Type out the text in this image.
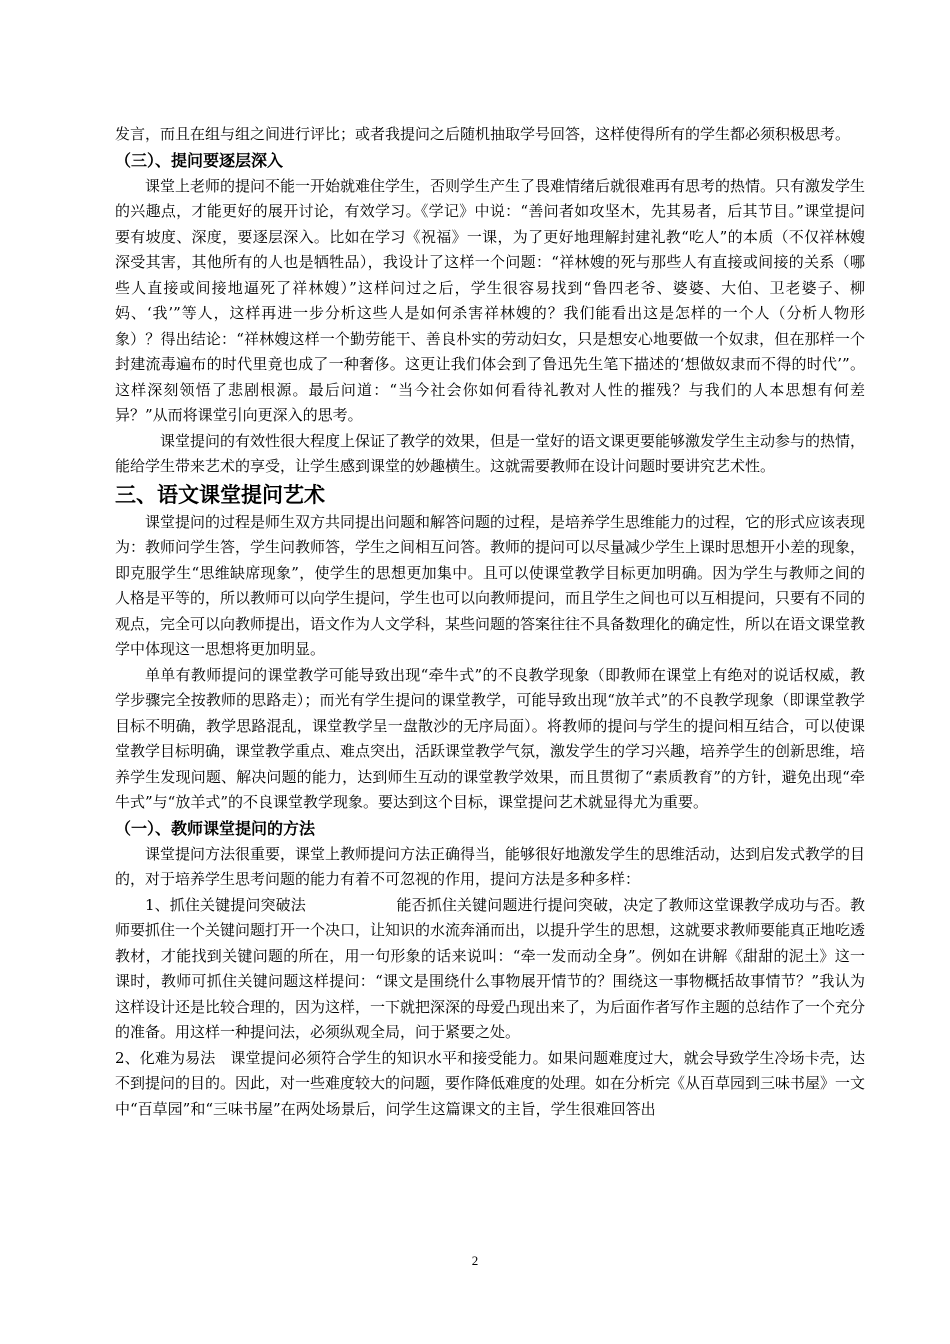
发言，而且在组与组之间进行评比；或者我提问之后随机抽取学号回答，这样使得所有的学生都必须积极思考。

（三）、提问要逐层深入

课堂上老师的提问不能一开始就难住学生，否则学生产生了畏难情绪后就很难再有思考的热情。只有激发学生的兴趣点，才能更好的展开讨论，有效学习。《学记》中说：“善问者如攻坚木，先其易者，后其节目。”课堂提问要有坡度、深度，要逐层深入。比如在学习《祝福》一课，为了更好地理解封建礼教“吃人”的本质（不仅祥林嫂深受其害，其他所有的人也是牺牲品），我设计了这样一个问题：“祥林嫂的死与那些人有直接或间接的关系（哪些人直接或间接地逼死了祥林嫂）”这样问过之后，学生很容易找到“鲁四老爷、婆婆、大伯、卫老婆子、柳妈、‘我’”等人，这样再进一步分析这些人是如何杀害祥林嫂的？我们能看出这是怎样的一个人（分析人物形象）？得出结论：“祥林嫂这样一个勤劳能干、善良朴实的劳动妇女，只是想安心地要做一个奴隶，但在那样一个封建流毒遍布的时代里竟也成了一种奢侈。这更让我们体会到了鲁迅先生笔下描述的‘想做奴隶而不得的时代’”。这样深刻领悟了悲剧根源。最后问道：“当今社会你如何看待礼教对人性的摧残？与我们的人本思想有何差异？”从而将课堂引向更深入的思考。

课堂提问的有效性很大程度上保证了教学的效果，但是一堂好的语文课更要能够激发学生主动参与的热情，能给学生带来艺术的享受，让学生感到课堂的妙趣横生。这就需要教师在设计问题时要讲究艺术性。

三、语文课堂提问艺术

课堂提问的过程是师生双方共同提出问题和解答问题的过程，是培养学生思维能力的过程，它的形式应该表现为：教师问学生答，学生问教师答，学生之间相互问答。教师的提问可以尽量减少学生上课时思想开小差的现象，即克服学生“思维缺席现象”，使学生的思想更加集中。且可以使课堂教学目标更加明确。因为学生与教师之间的人格是平等的，所以教师可以向学生提问，学生也可以向教师提问，而且学生之间也可以互相提问，只要有不同的观点，完全可以向教师提出，语文作为人文学科，某些问题的答案往往不具备数理化的确定性，所以在语文课堂教学中体现这一思想将更加明显。

单单有教师提问的课堂教学可能导致出现“牵牛式”的不良教学现象（即教师在课堂上有绝对的说话权威，教学步骤完全按教师的思路走）；而光有学生提问的课堂教学，可能导致出现“放羊式”的不良教学现象（即课堂教学目标不明确，教学思路混乱，课堂教学呈一盘散沙的无序局面）。将教师的提问与学生的提问相互结合，可以使课堂教学目标明确，课堂教学重点、难点突出，活跃课堂教学气氛，激发学生的学习兴趣，培养学生的创新思维，培养学生发现问题、解决问题的能力，达到师生互动的课堂教学效果，而且贯彻了“素质教育”的方针，避免出现“牵牛式”与“放羊式”的不良课堂教学现象。要达到这个目标，课堂提问艺术就显得尤为重要。

（一）、教师课堂提问的方法

课堂提问方法很重要，课堂上教师提问方法正确得当，能够很好地激发学生的思维活动，达到启发式教学的目的，对于培养学生思考问题的能力有着不可忽视的作用，提问方法是多种多样：

1、抓住关键提问突破法　　　　　　能否抓住关键问题进行提问突破，决定了教师这堂课教学成功与否。教师要抓住一个关键问题打开一个决口，让知识的水流奔涌而出，以提升学生的思想，这就要求教师要能真正地吃透教材，才能找到关键问题的所在，用一句形象的话来说叫：“牵一发而动全身”。例如在讲解《甜甜的泥土》这一课时，教师可抓住关键问题这样提问：“课文是围绕什么事物展开情节的？围绕这一事物概括故事情节？”我认为这样设计还是比较合理的，因为这样，一下就把深深的母爱凸现出来了，为后面作者写作主题的总结作了一个充分的准备。用这样一种提问法，必须纵观全局，问于紧要之处。

2、化难为易法　课堂提问必须符合学生的知识水平和接受能力。如果问题难度过大，就会导致学生冷场卡壳，达不到提问的目的。因此，对一些难度较大的问题，要作降低难度的处理。如在分析完《从百草园到三味书屋》一文中“百草园”和“三味书屋”在两处场景后，问学生这篇课文的主旨，学生很难回答出

2
